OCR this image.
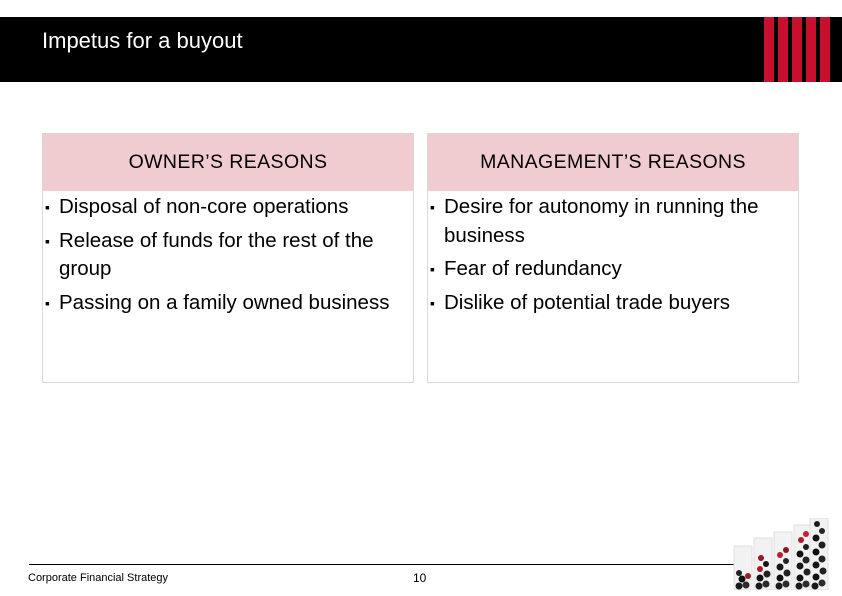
Impetus for a buyout
OWNER’S REASONS
▪ Disposal of non-core operations
▪ Release of funds for the rest of the group
▪ Passing on a family owned business
MANAGEMENT’S REASONS
▪ Desire for autonomy in running the business
▪ Fear of redundancy
▪ Dislike of potential trade buyers
Corporate Financial Strategy	10
